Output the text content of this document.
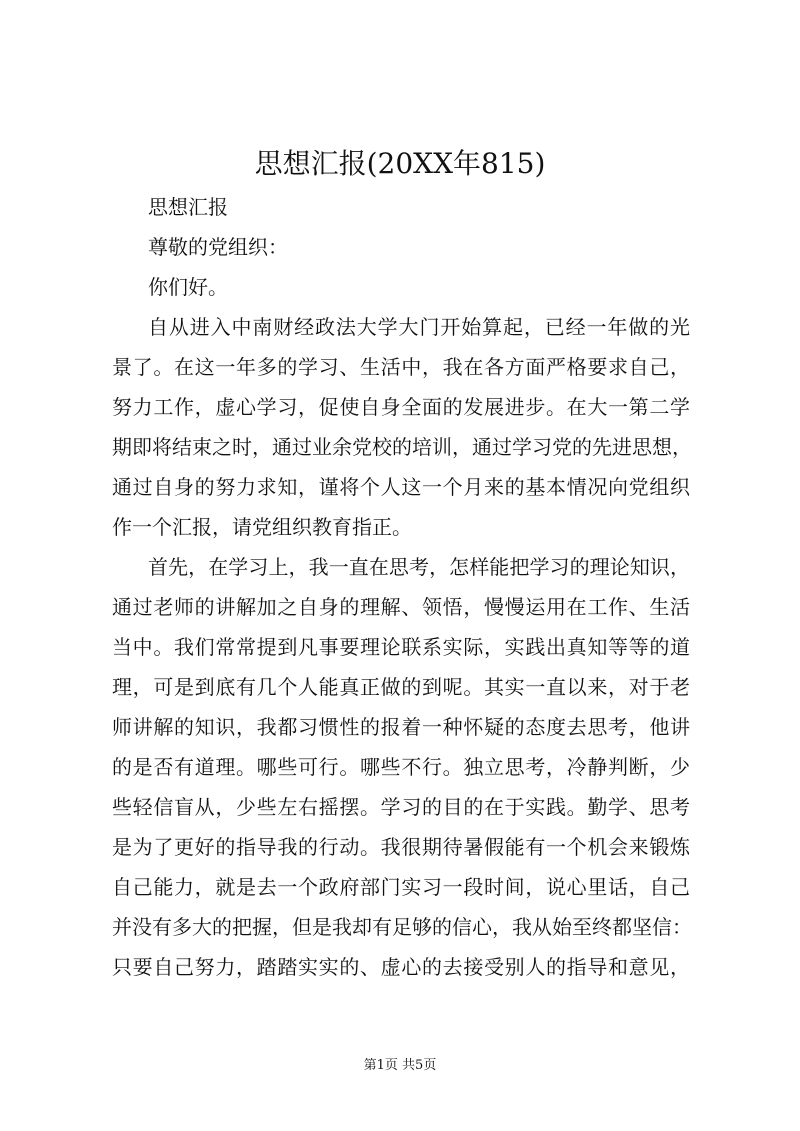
思想汇报(20XX年815)
思想汇报
尊敬的党组织：
你们好。
自从进入中南财经政法大学大门开始算起，已经一年做的光
景了。在这一年多的学习、生活中，我在各方面严格要求自己，
努力工作，虚心学习，促使自身全面的发展进步。在大一第二学
期即将结束之时，通过业余党校的培训，通过学习党的先进思想，
通过自身的努力求知，谨将个人这一个月来的基本情况向党组织
作一个汇报，请党组织教育指正。
首先，在学习上，我一直在思考，怎样能把学习的理论知识，
通过老师的讲解加之自身的理解、领悟，慢慢运用在工作、生活
当中。我们常常提到凡事要理论联系实际，实践出真知等等的道
理，可是到底有几个人能真正做的到呢。其实一直以来，对于老
师讲解的知识，我都习惯性的报着一种怀疑的态度去思考，他讲
的是否有道理。哪些可行。哪些不行。独立思考，冷静判断，少
些轻信盲从，少些左右摇摆。学习的目的在于实践。勤学、思考
是为了更好的指导我的行动。我很期待暑假能有一个机会来锻炼
自己能力，就是去一个政府部门实习一段时间，说心里话，自己
并没有多大的把握，但是我却有足够的信心，我从始至终都坚信：
只要自己努力，踏踏实实的、虚心的去接受别人的指导和意见，
第1页 共5页
